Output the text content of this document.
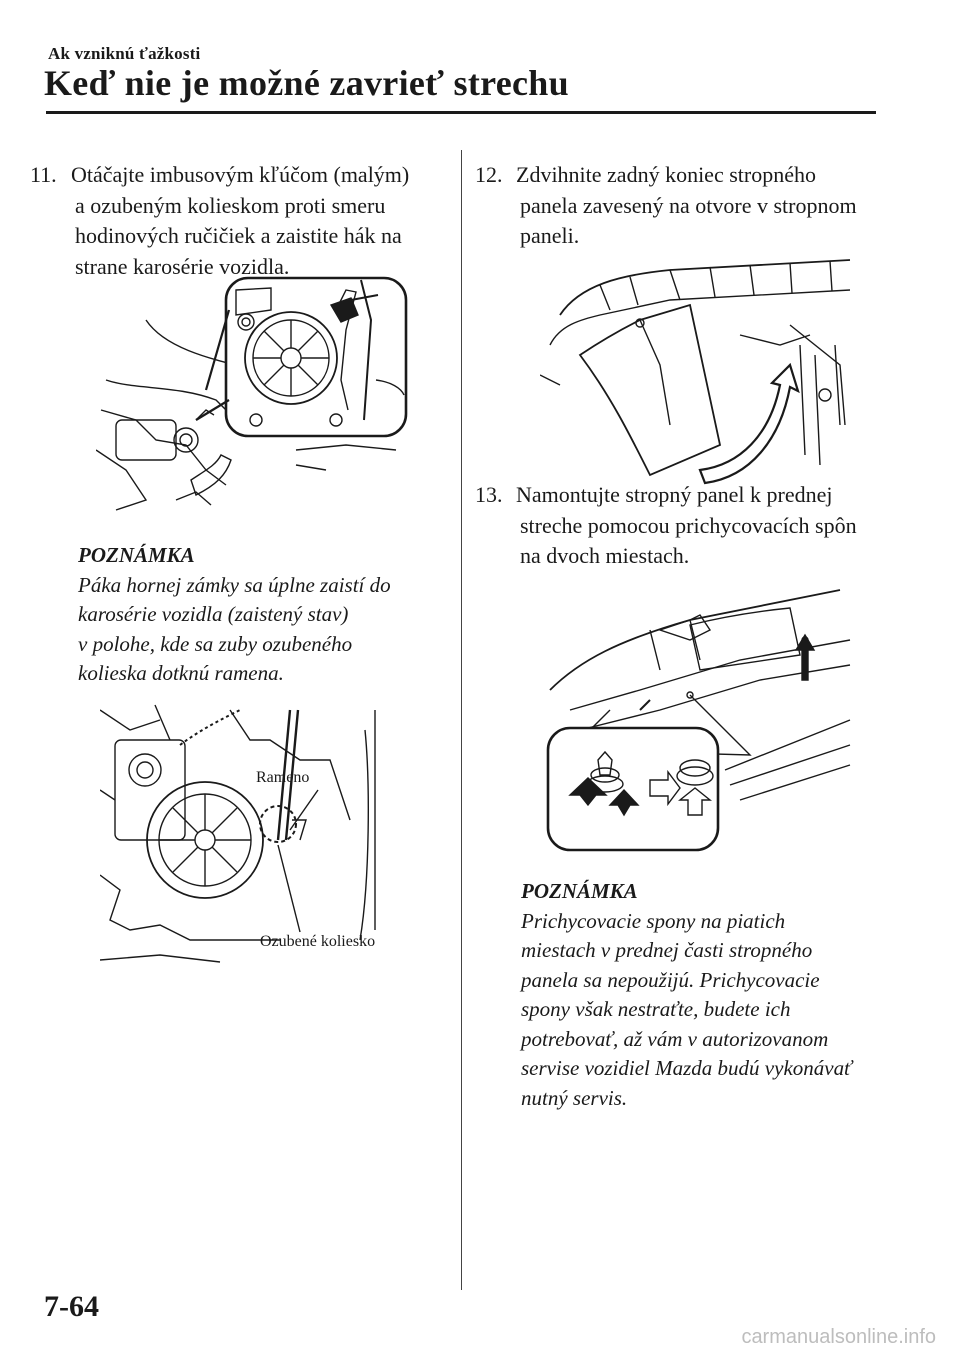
Ak vzniknú ťažkosti
Keď nie je možné zavrieť strechu
11. Otáčajte imbusovým kľúčom (malým)
a ozubeným kolieskom proti smeru
hodinových ručičiek a zaistite hák na
strane karosérie vozidla.
POZNÁMKA
Páka hornej zámky sa úplne zaistí do
karosérie vozidla (zaistený stav)
v polohe, kde sa zuby ozubeného
kolieska dotknú ramena.
Rameno
Ozubené koliesko
12. Zdvihnite zadný koniec stropného
panela zavesený na otvore v stropnom
paneli.
13. Namontujte stropný panel k prednej
streche pomocou prichycovacích spôn
na dvoch miestach.
POZNÁMKA
Prichycovacie spony na piatich
miestach v prednej časti stropného
panela sa nepoužijú. Prichycovacie
spony však nestraťte, budete ich
potrebovať, až vám v autorizovanom
servise vozidiel Mazda budú vykonávať
nutný servis.
7-64
carmanualsonline.info
